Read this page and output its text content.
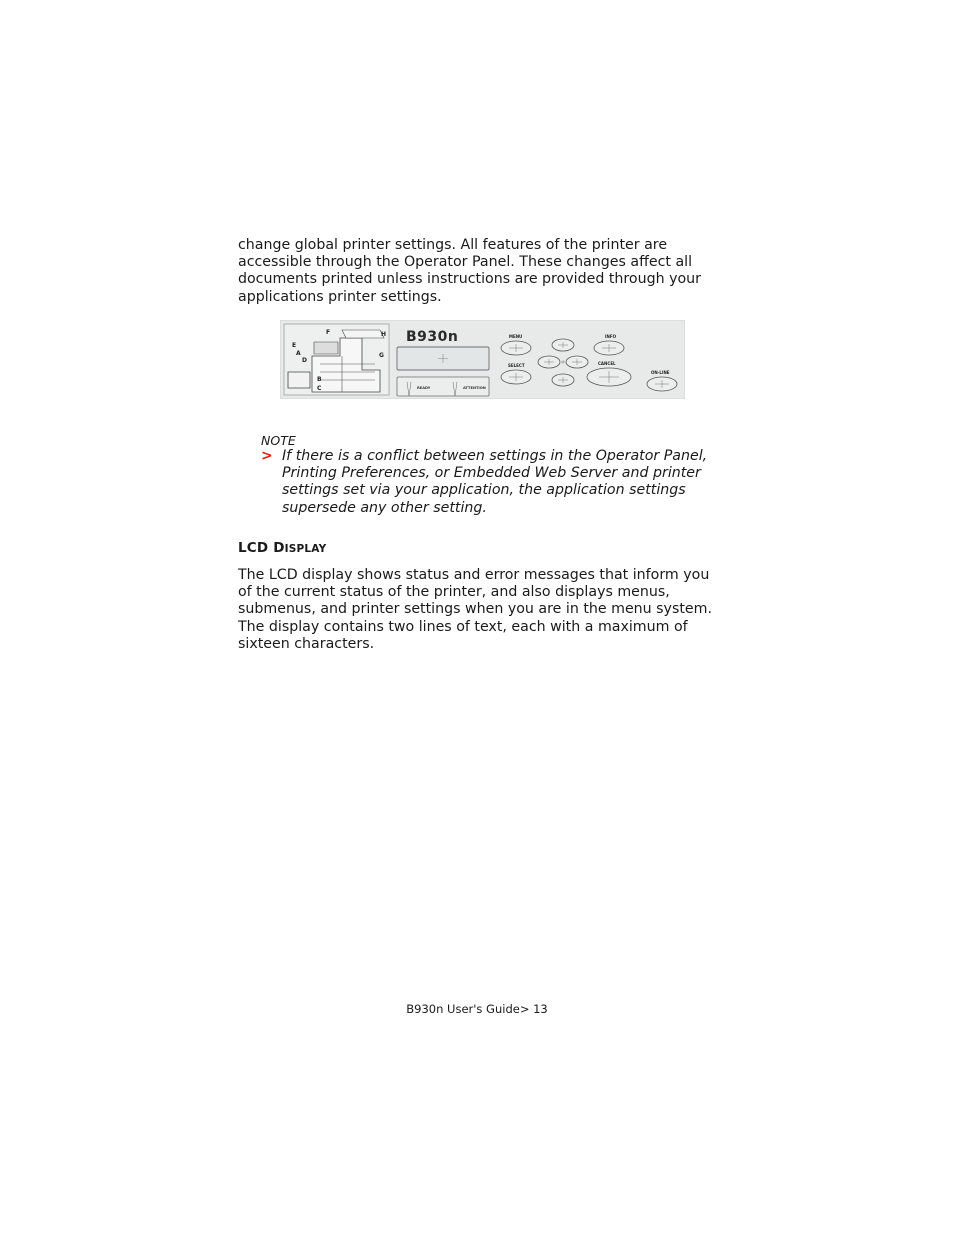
change global printer settings. All features of the printer are accessible through the Operator Panel. These changes affect all documents printed unless instructions are provided through your applications printer settings.

F
E
A
D
B
C
G
H B930n
READY	ATTENTION
MENU
SELECT
INFO
CANCEL
ON-LINE

NOTE

> If there is a conflict between settings in the Operator Panel, Printing Preferences, or Embedded Web Server and printer settings set via your application, the application settings supersede any other setting.

LCD DISPLAY

The LCD display shows status and error messages that inform you of the current status of the printer, and also displays menus, submenus, and printer settings when you are in the menu system. The display contains two lines of text, each with a maximum of sixteen characters.

B930n User's Guide> 13
